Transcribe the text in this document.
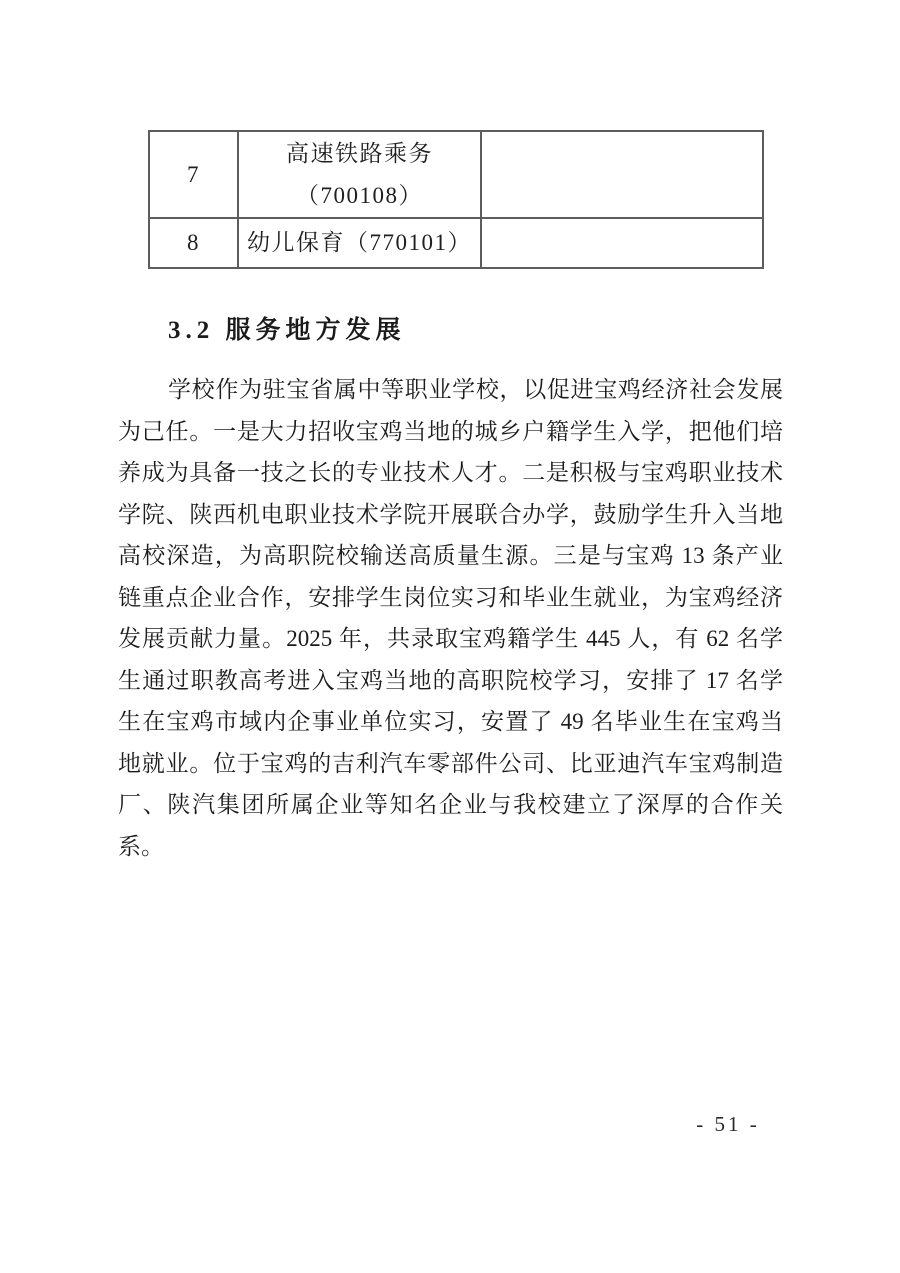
7	高速铁路乘务
（700108）	

8	幼儿保育（770101）	

3.2 服务地方发展
学校作为驻宝省属中等职业学校，以促进宝鸡经济社会发展
为己任。一是大力招收宝鸡当地的城乡户籍学生入学，把他们培
养成为具备一技之长的专业技术人才。二是积极与宝鸡职业技术
学院、陕西机电职业技术学院开展联合办学，鼓励学生升入当地
高校深造，为高职院校输送高质量生源。三是与宝鸡 13 条产业
链重点企业合作，安排学生岗位实习和毕业生就业，为宝鸡经济
发展贡献力量。2025 年，共录取宝鸡籍学生 445 人，有 62 名学
生通过职教高考进入宝鸡当地的高职院校学习，安排了 17 名学
生在宝鸡市域内企事业单位实习，安置了 49 名毕业生在宝鸡当
地就业。位于宝鸡的吉利汽车零部件公司、比亚迪汽车宝鸡制造
厂、陕汽集团所属企业等知名企业与我校建立了深厚的合作关
系。
- 51 -
